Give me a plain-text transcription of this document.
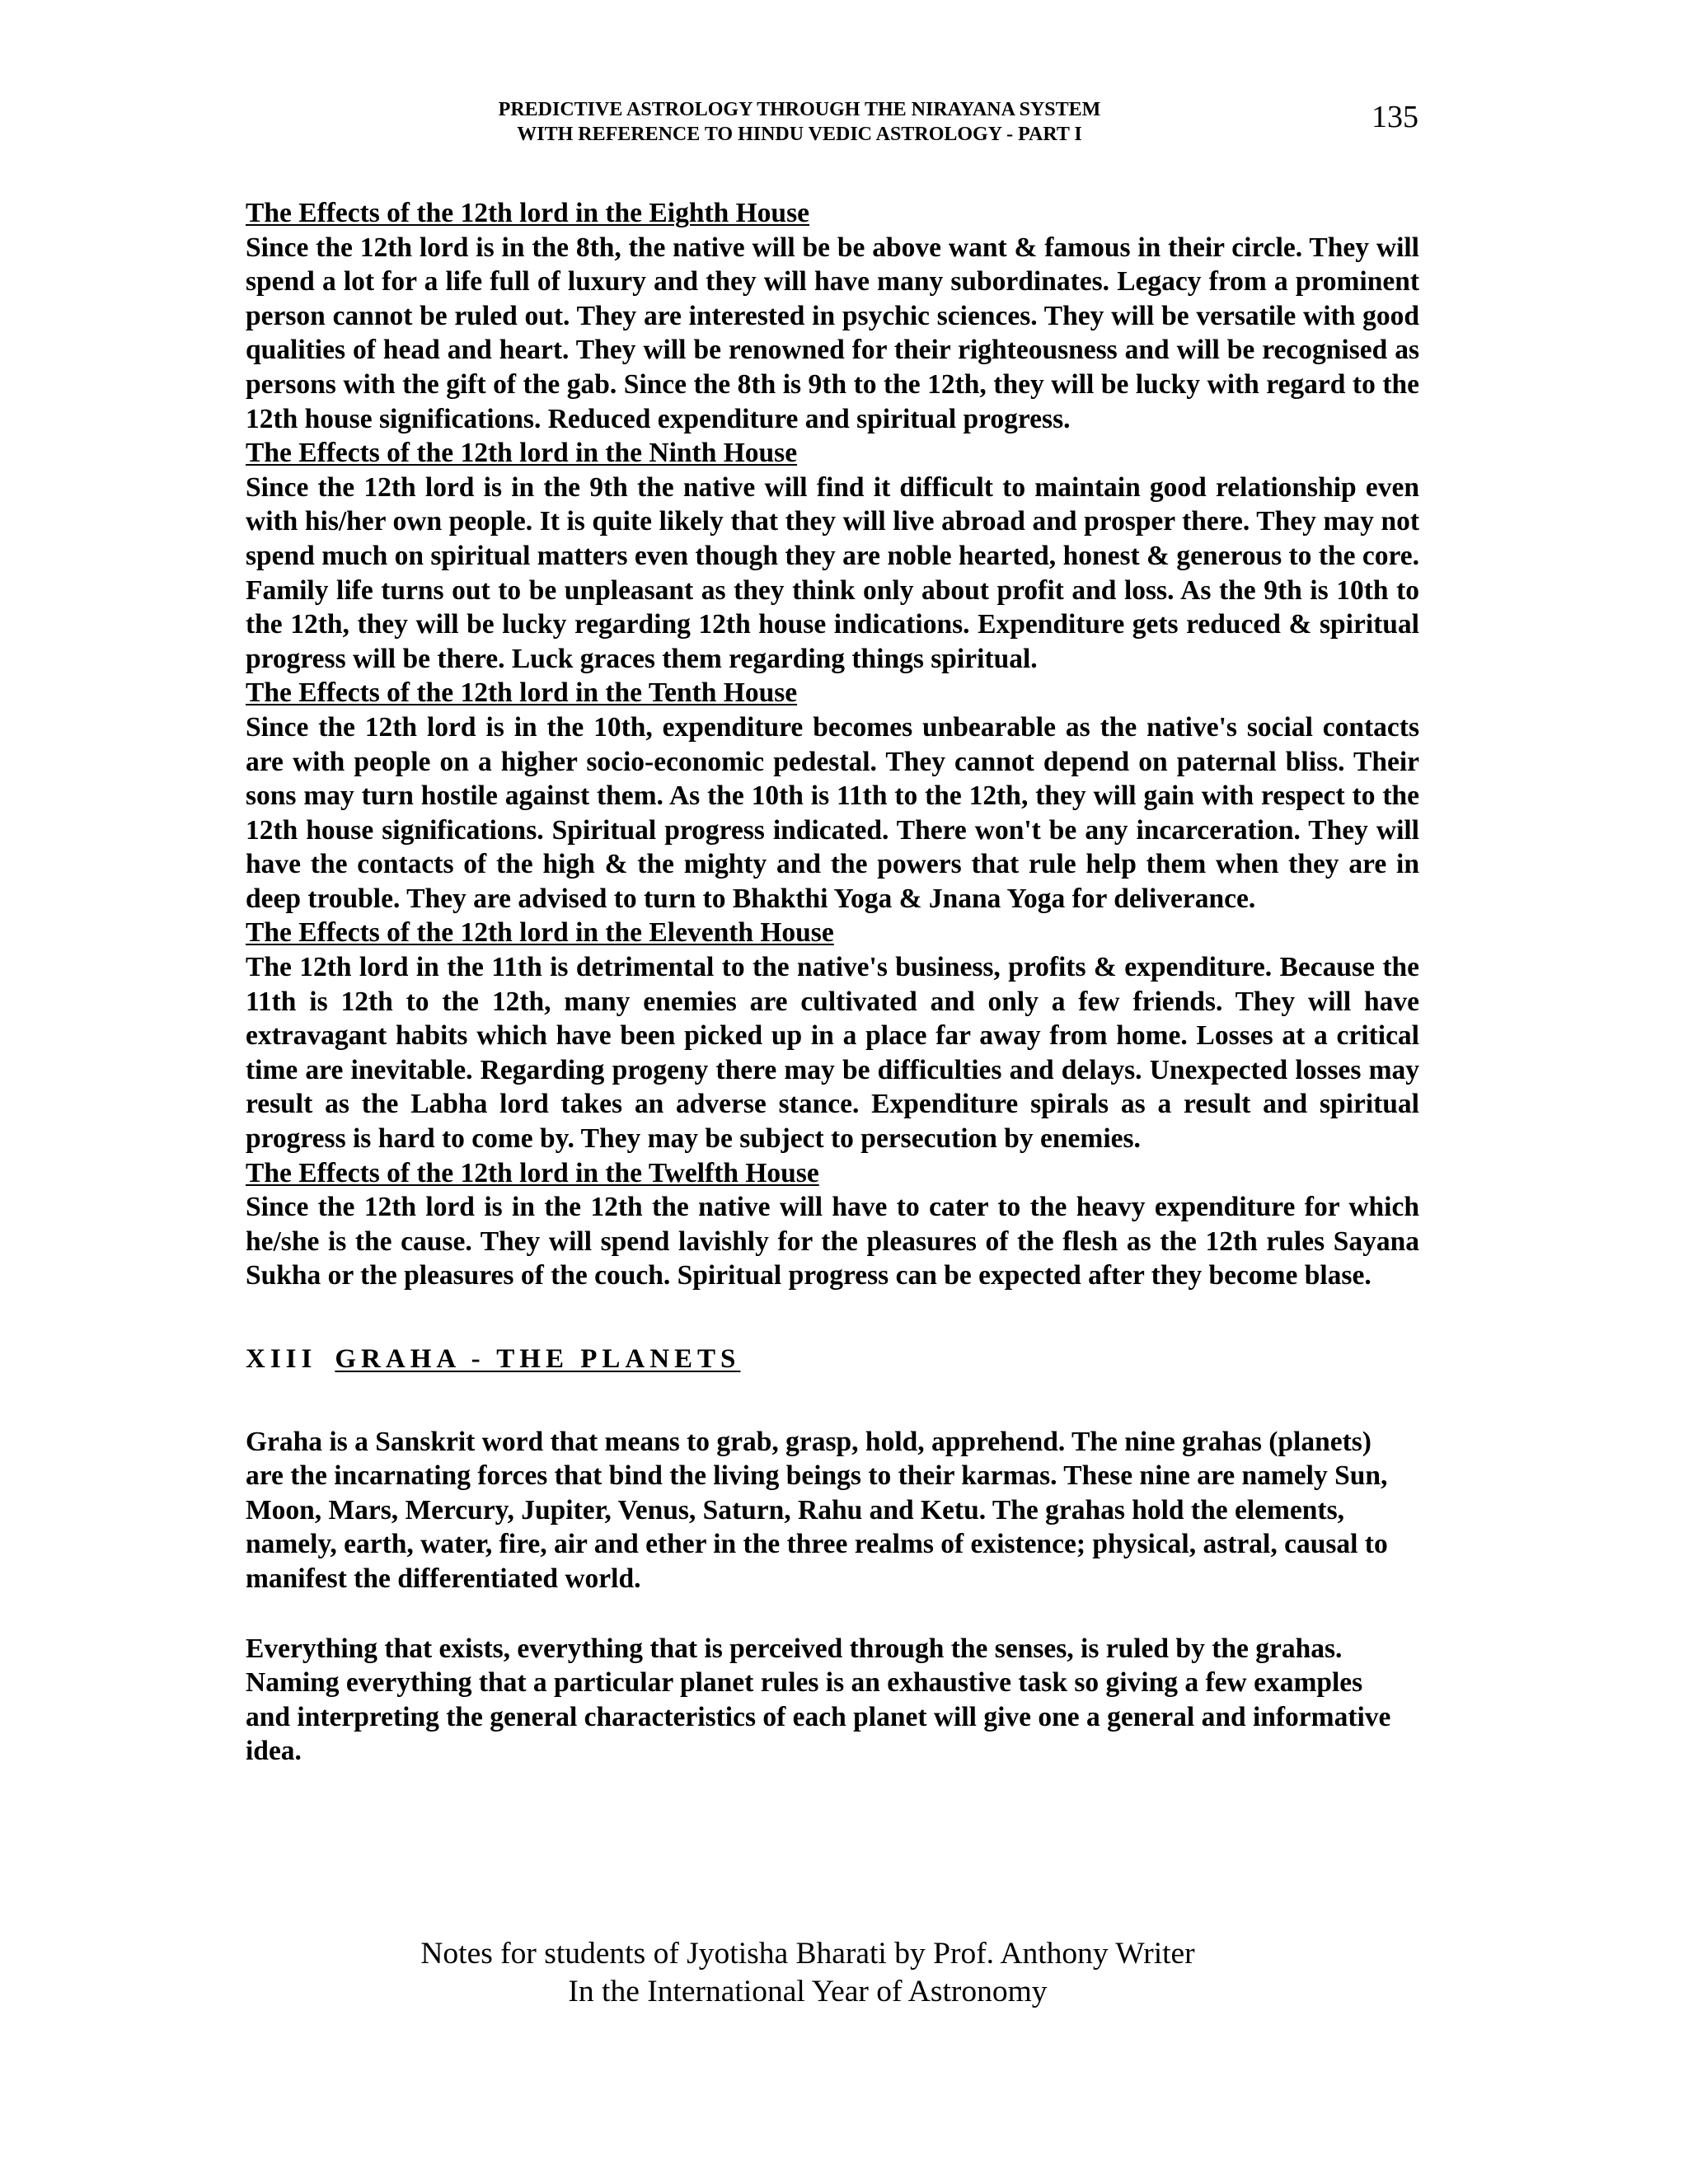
PREDICTIVE ASTROLOGY THROUGH THE NIRAYANA SYSTEM
WITH REFERENCE TO HINDU VEDIC ASTROLOGY - PART I	135
The Effects of the 12th lord in the Eighth House
Since the 12th lord is in the 8th, the native will be be above want & famous in their circle. They will spend a lot for a life full of luxury and they will have many subordinates. Legacy from a prominent person cannot be ruled out. They are interested in psychic sciences. They will be versatile with good qualities of head and heart. They will be renowned for their righteousness and will be recognised as persons with the gift of the gab. Since the 8th is 9th to the 12th, they will be lucky with regard to the 12th house significations. Reduced expenditure and spiritual progress.
The Effects of the 12th lord in the Ninth House
Since the 12th lord is in the 9th the native will find it difficult to maintain good relationship even with his/her own people. It is quite likely that they will live abroad and prosper there. They may not spend much on spiritual matters even though they are noble hearted, honest & generous to the core. Family life turns out to be unpleasant as they think only about profit and loss. As the 9th is 10th to the 12th, they will be lucky regarding 12th house indications. Expenditure gets reduced & spiritual progress will be there. Luck graces them regarding things spiritual.
The Effects of the 12th lord in the Tenth House
Since the 12th lord is in the 10th, expenditure becomes unbearable as the native's social contacts are with people on a higher socio-economic pedestal. They cannot depend on paternal bliss. Their sons may turn hostile against them. As the 10th is 11th to the 12th, they will gain with respect to the 12th house significations. Spiritual progress indicated. There won't be any incarceration. They will have the contacts of the high & the mighty and the powers that rule help them when they are in deep trouble. They are advised to turn to Bhakthi Yoga & Jnana Yoga for deliverance.
The Effects of the 12th lord in the Eleventh House
The 12th lord in the 11th is detrimental to the native's business, profits & expenditure. Because the 11th is 12th to the 12th, many enemies are cultivated and only a few friends. They will have extravagant habits which have been picked up in a place far away from home. Losses at a critical time are inevitable. Regarding progeny there may be difficulties and delays. Unexpected losses may result as the Labha lord takes an adverse stance. Expenditure spirals as a result and spiritual progress is hard to come by. They may be subject to persecution by enemies.
The Effects of the 12th lord in the Twelfth House
Since the 12th lord is in the 12th the native will have to cater to the heavy expenditure for which he/she is the cause. They will spend lavishly for the pleasures of the flesh as the 12th rules Sayana Sukha or the pleasures of the couch. Spiritual progress can be expected after they become blase.
XIII GRAHA - THE PLANETS

Graha is a Sanskrit word that means to grab, grasp, hold, apprehend. The nine grahas (planets) are the incarnating forces that bind the living beings to their karmas. These nine are namely Sun, Moon, Mars, Mercury, Jupiter, Venus, Saturn, Rahu and Ketu. The grahas hold the elements, namely, earth, water, fire, air and ether in the three realms of existence; physical, astral, causal to manifest the differentiated world.

Everything that exists, everything that is perceived through the senses, is ruled by the grahas. Naming everything that a particular planet rules is an exhaustive task so giving a few examples and interpreting the general characteristics of each planet will give one a general and informative idea.

Notes for students of Jyotisha Bharati by Prof. Anthony Writer
In the International Year of Astronomy
